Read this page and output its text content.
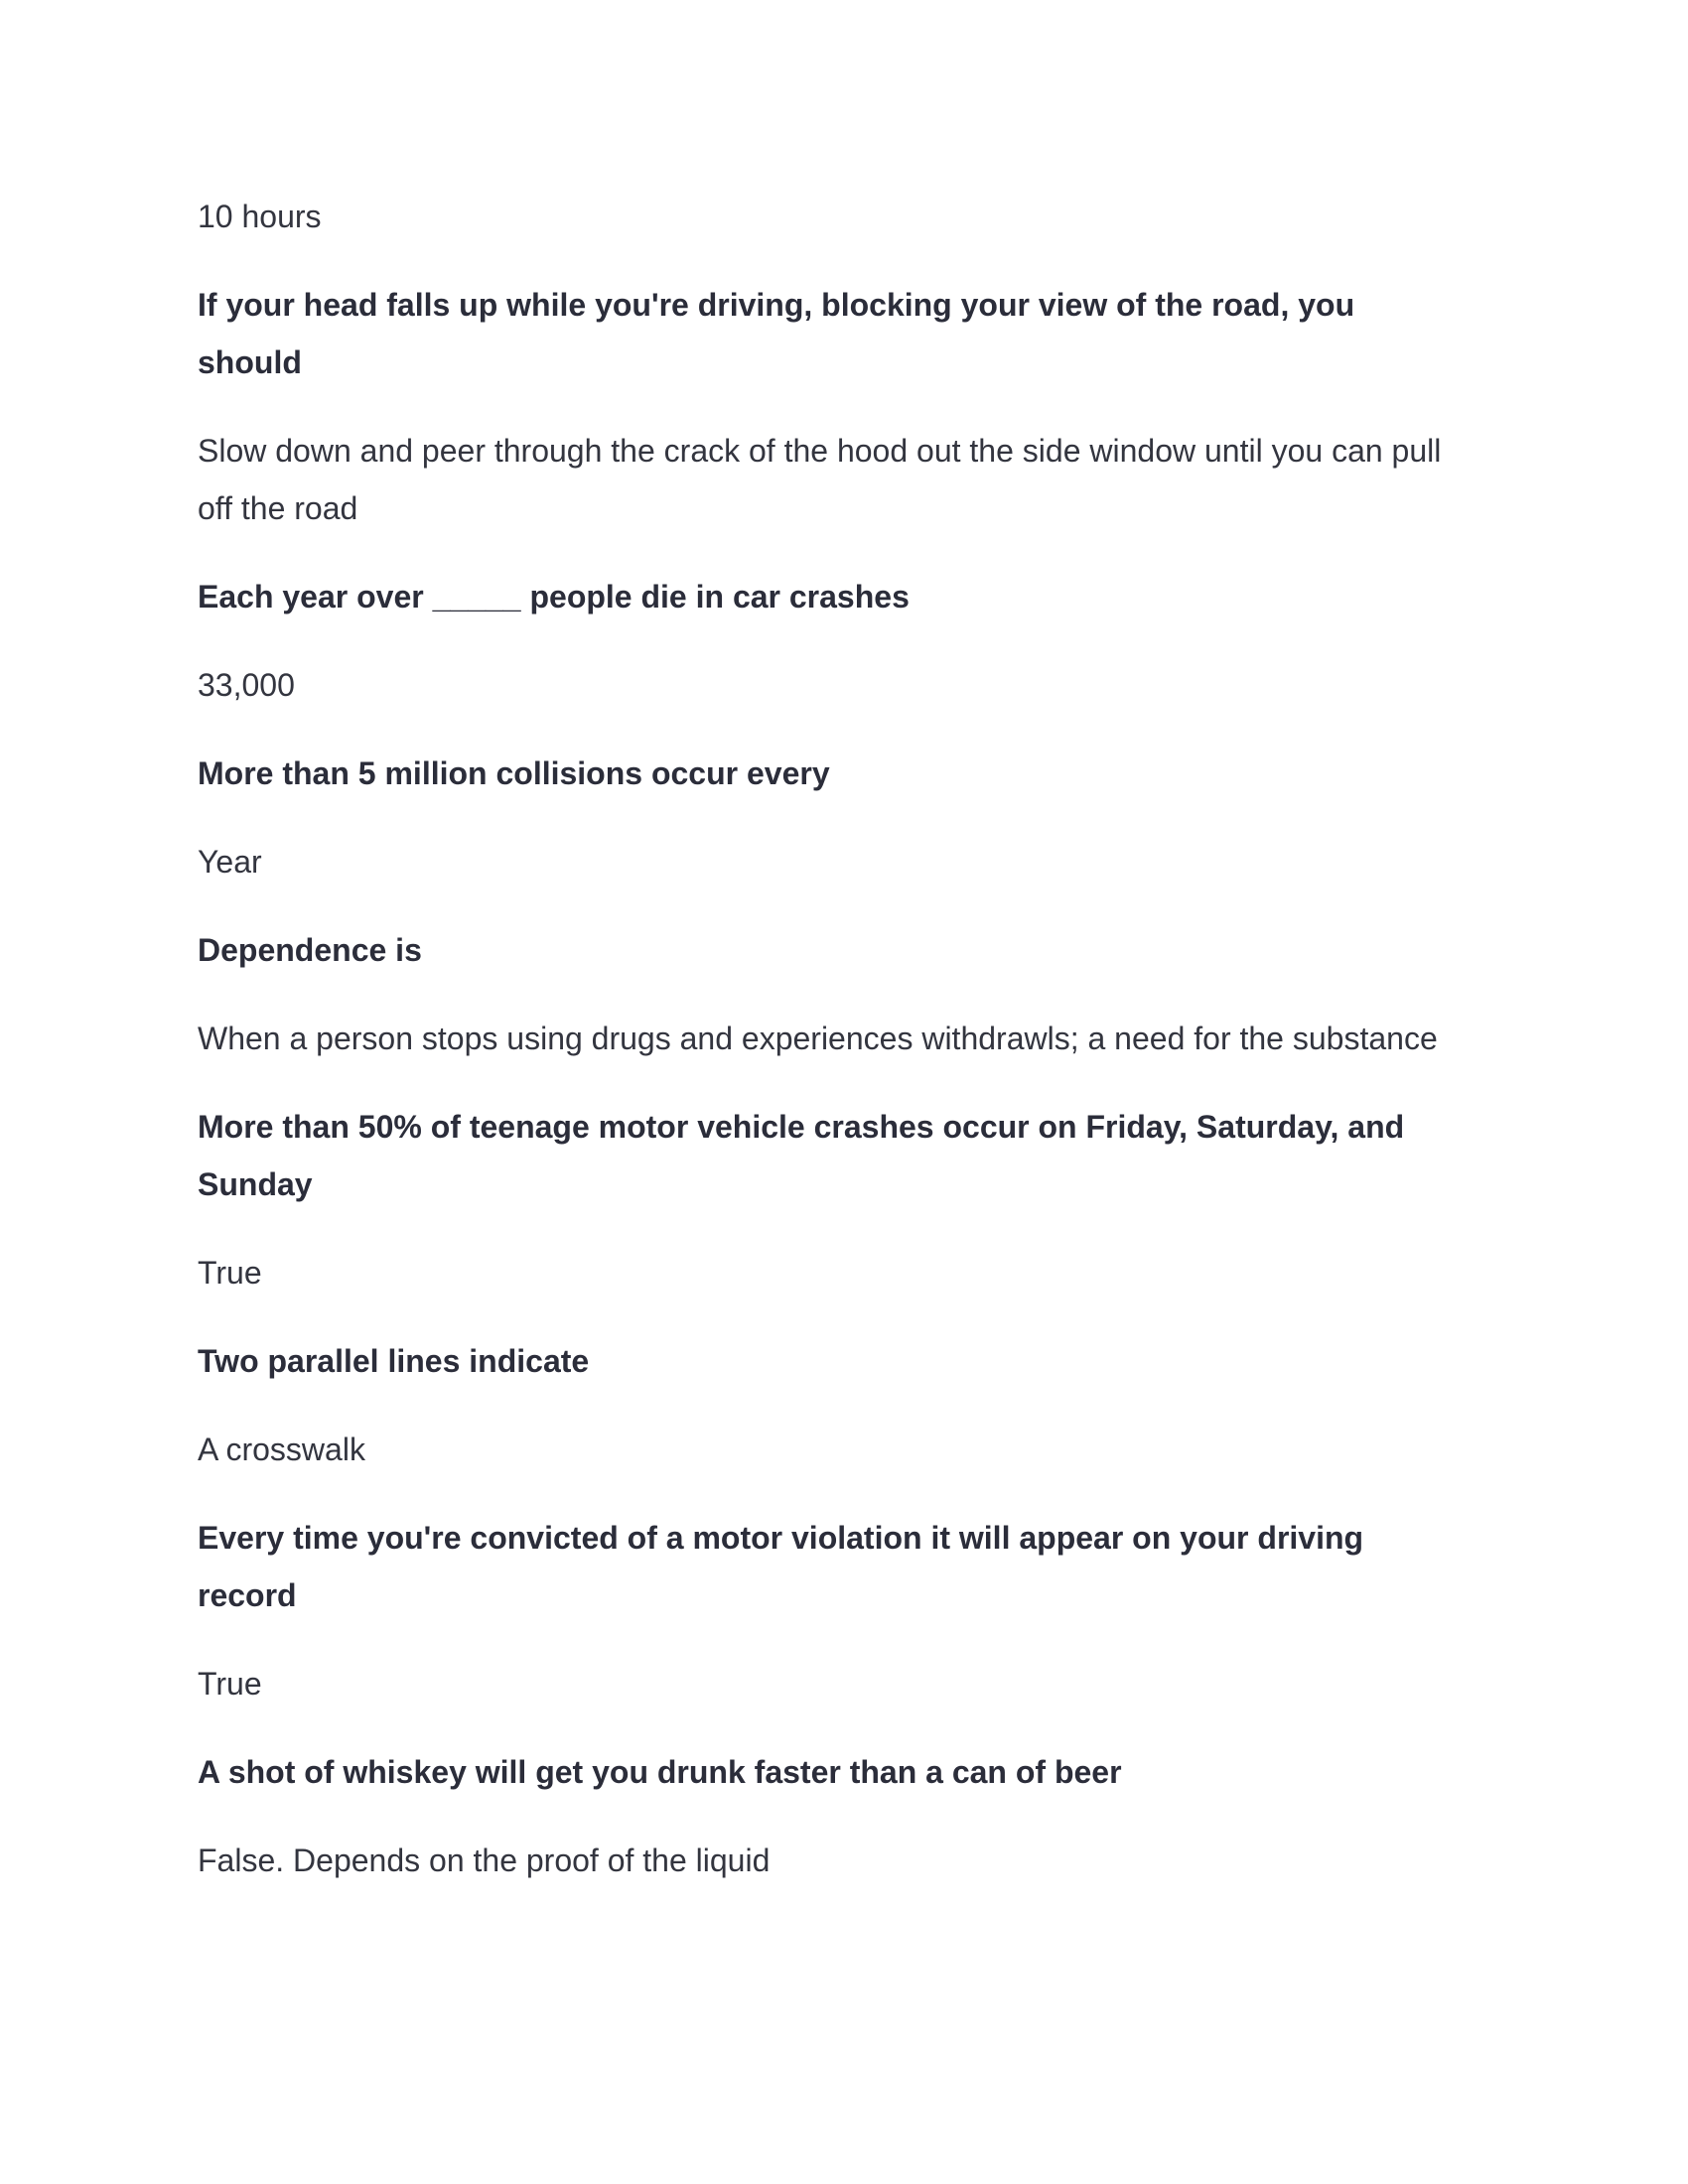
10 hours

If your head falls up while you're driving, blocking your view of the road, you should

Slow down and peer through the crack of the hood out the side window until you can pull off the road

Each year over _____ people die in car crashes

33,000

More than 5 million collisions occur every

Year

Dependence is

When a person stops using drugs and experiences withdrawls; a need for the substance

More than 50% of teenage motor vehicle crashes occur on Friday, Saturday, and Sunday

True

Two parallel lines indicate

A crosswalk

Every time you're convicted of a motor violation it will appear on your driving record

True

A shot of whiskey will get you drunk faster than a can of beer

False. Depends on the proof of the liquid
